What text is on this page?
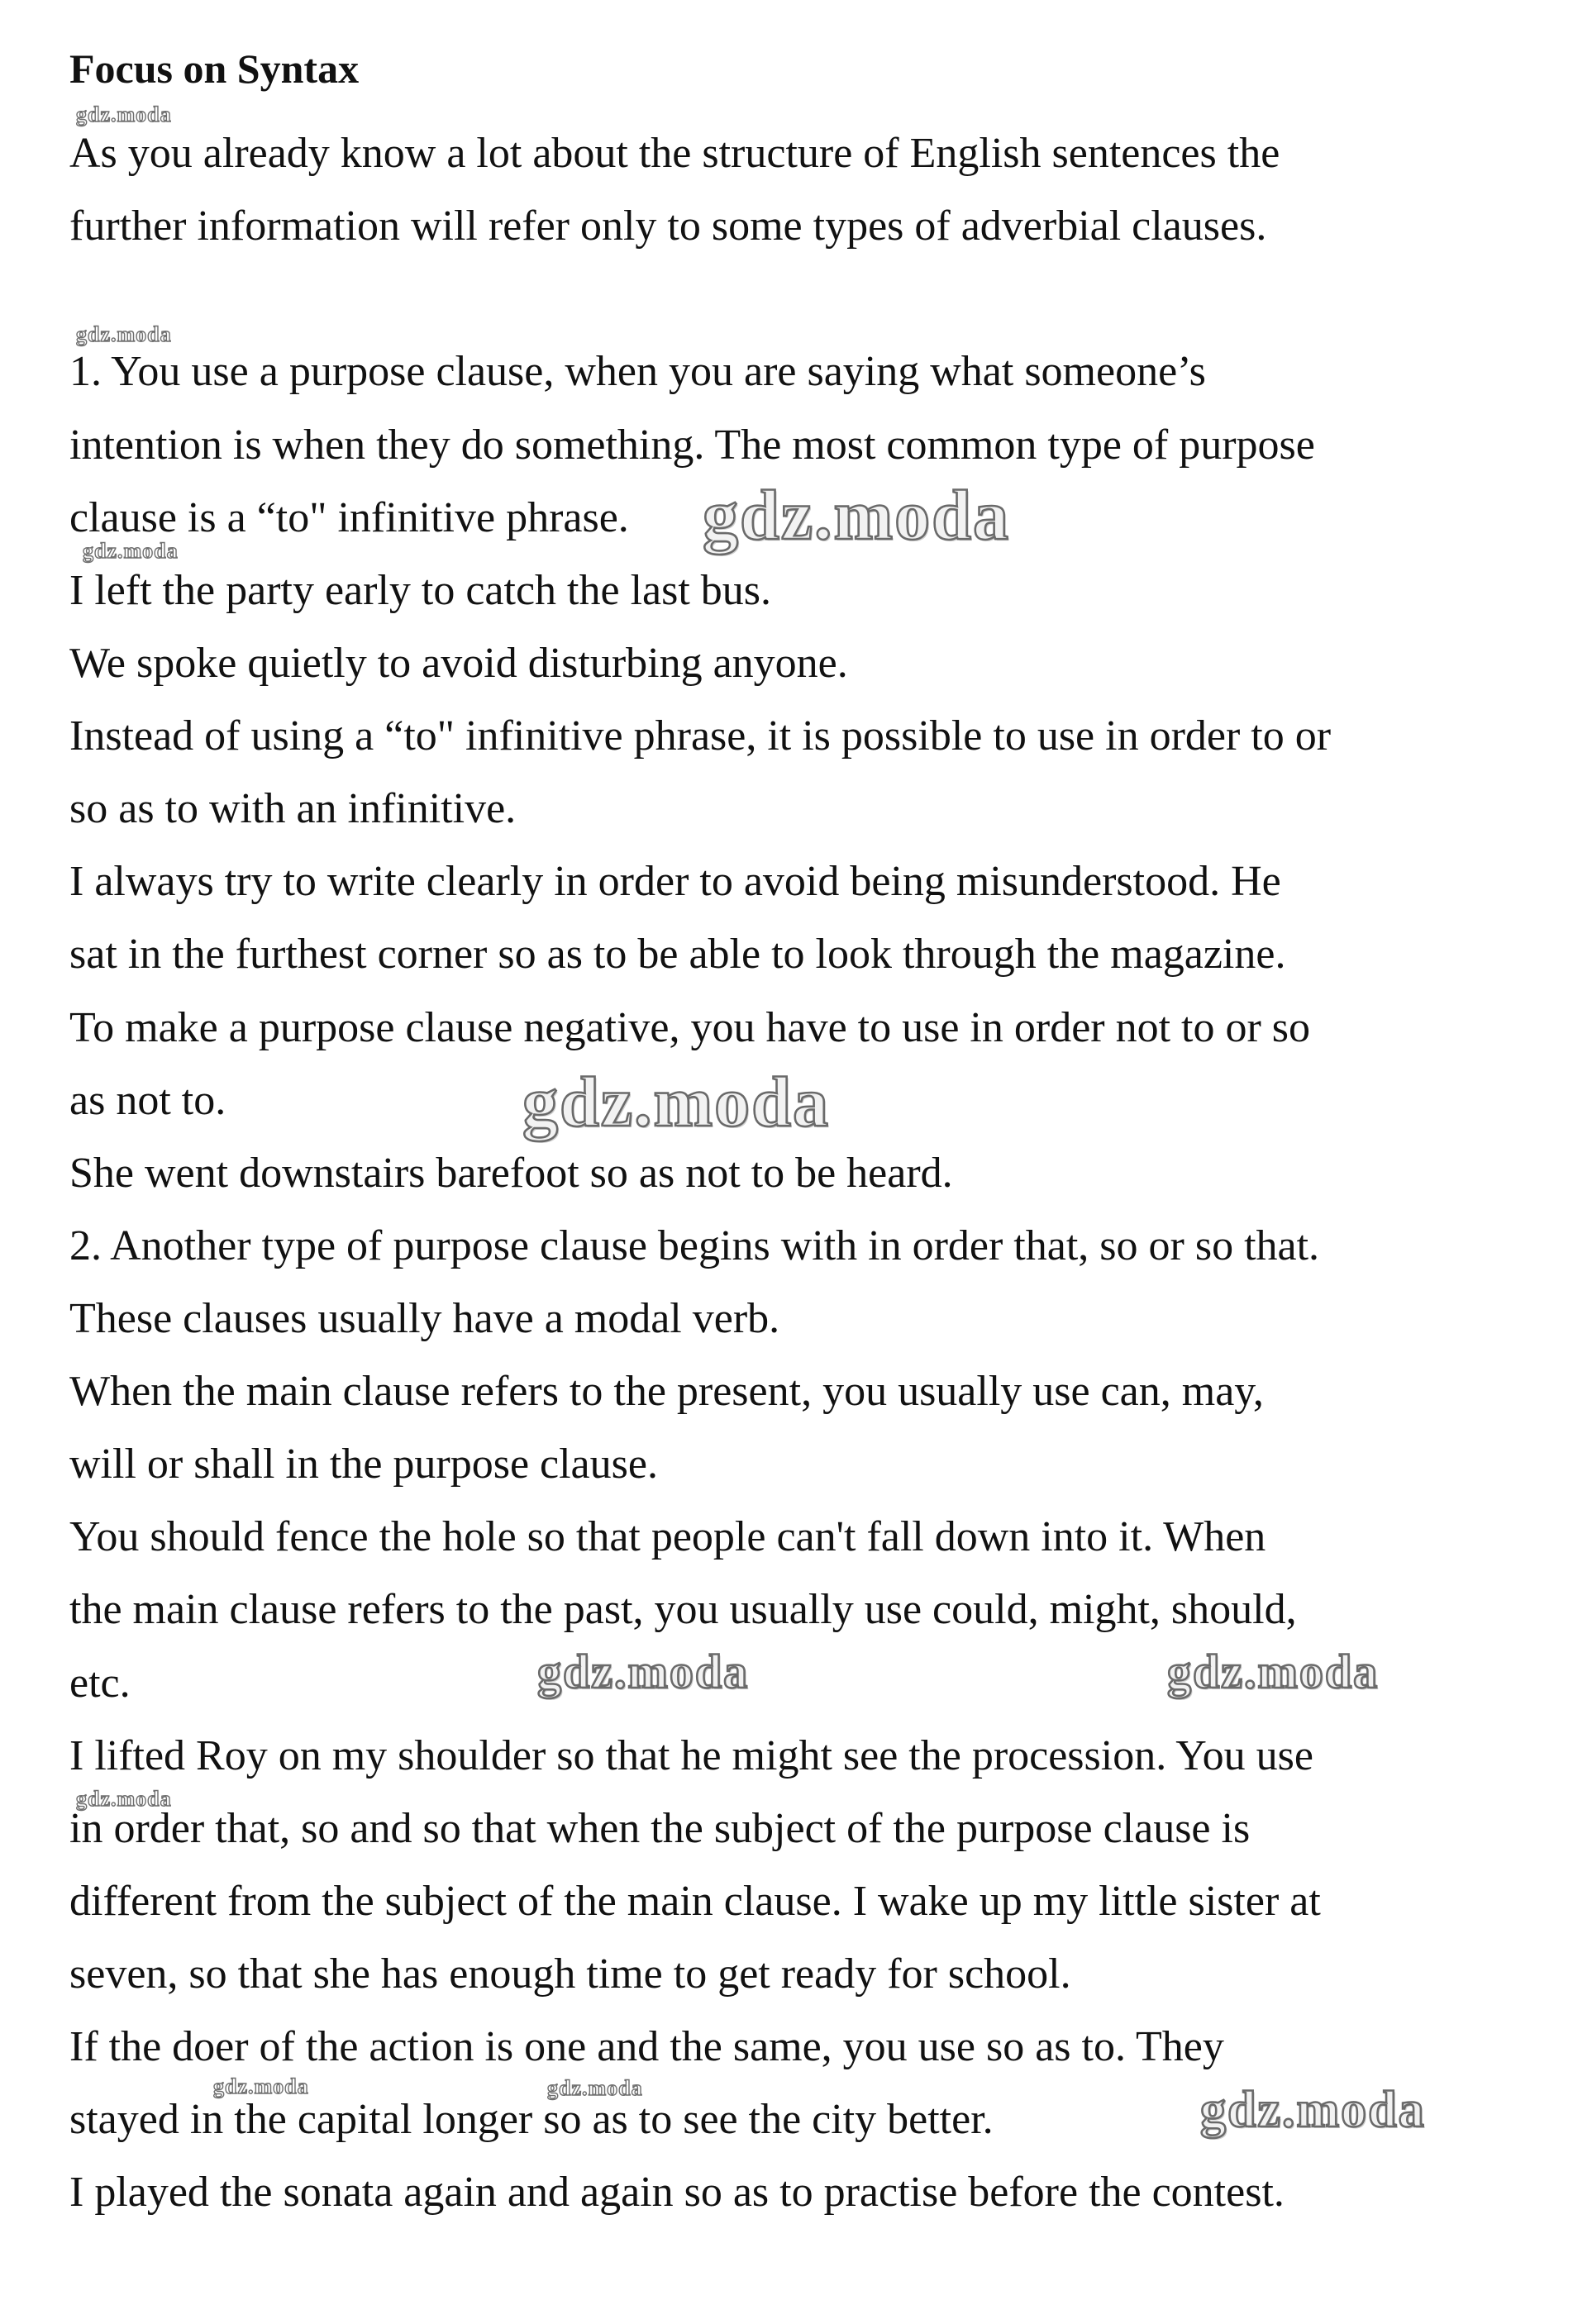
Focus on Syntax
gdz.moda
gdz.moda
gdz.moda
gdz.moda
gdz.moda	gdz.moda
As you already know a lot about the structure of English sentences the
further information will refer only to some types of adverbial clauses.
1. You use a purpose clause, when you are saying what someone’s
intention is when they do something. The most common type of purpose
clause is a “to" infinitive phrase.
I left the party early to catch the last bus.
We spoke quietly to avoid disturbing anyone.
Instead of using a “to" infinitive phrase, it is possible to use in order to or
so as to with an infinitive.
I always try to write clearly in order to avoid being misunderstood. He
sat in the furthest corner so as to be able to look through the magazine.
To make a purpose clause negative, you have to use in order not to or so
as not to.
She went downstairs barefoot so as not to be heard.
2. Another type of purpose clause begins with in order that, so or so that.
These clauses usually have a modal verb.
When the main clause refers to the present, you usually use can, may,
will or shall in the purpose clause.
You should fence the hole so that people can't fall down into it. When
the main clause refers to the past, you usually use could, might, should,
etc.
I lifted Roy on my shoulder so that he might see the procession. You use
in order that, so and so that when the subject of the purpose clause is
different from the subject of the main clause. I wake up my little sister at
seven, so that she has enough time to get ready for school.
If the doer of the action is one and the same, you use so as to. They
stayed in the capital longer so as to see the city better.
I played the sonata again and again so as to practise before the contest.
gdz.moda
gdz.moda
gdz.moda	gdz.moda
gdz.moda
